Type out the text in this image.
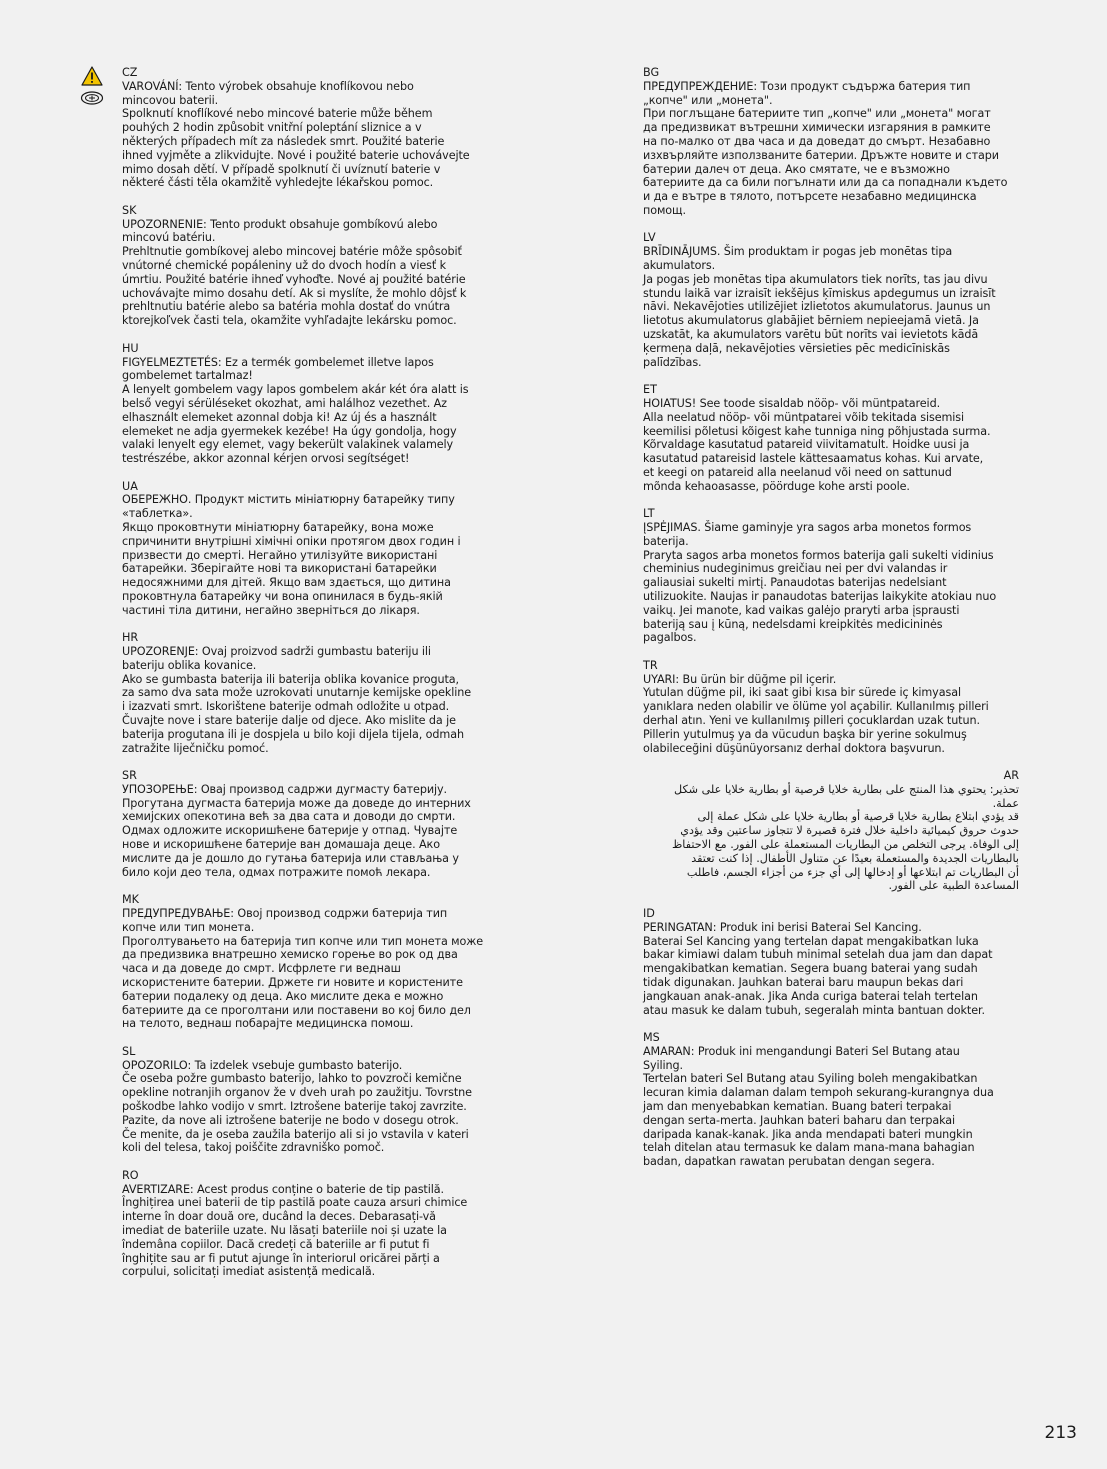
CZ
VAROVÁNÍ: Tento výrobek obsahuje knoflíkovou nebo
mincovou baterii.
Spolknutí knoflíkové nebo mincové baterie může během
pouhých 2 hodin způsobit vnitřní poleptání sliznice a v
některých případech mít za následek smrt. Použité baterie
ihned vyjměte a zlikvidujte. Nové i použité baterie uchovávejte
mimo dosah dětí. V případě spolknutí či uvíznutí baterie v
některé části těla okamžitě vyhledejte lékařskou pomoc.
SK
UPOZORNENIE: Tento produkt obsahuje gombíkovú alebo
mincovú batériu.
Prehltnutie gombíkovej alebo mincovej batérie môže spôsobiť
vnútorné chemické popáleniny už do dvoch hodín a viesť k
úmrtiu. Použité batérie ihneď vyhoďte. Nové aj použité batérie
uchovávajte mimo dosahu detí. Ak si myslíte, že mohlo dôjsť k
prehltnutiu batérie alebo sa batéria mohla dostať do vnútra
ktorejkoľvek časti tela, okamžite vyhľadajte lekársku pomoc.
HU
FIGYELMEZTETÉS: Ez a termék gombelemet illetve lapos
gombelemet tartalmaz!
A lenyelt gombelem vagy lapos gombelem akár két óra alatt is
belső vegyi sérüléseket okozhat, ami halálhoz vezethet. Az
elhasznált elemeket azonnal dobja ki! Az új és a használt
elemeket ne adja gyermekek kezébe! Ha úgy gondolja, hogy
valaki lenyelt egy elemet, vagy bekerült valakinek valamely
testrészébe, akkor azonnal kérjen orvosi segítséget!
UA
ОБЕРЕЖНО. Продукт містить мініатюрну батарейку типу
«таблетка».
Якщо проковтнути мініатюрну батарейку, вона може
спричинити внутрішні хімічні опіки протягом двох годин і
призвести до смерті. Негайно утилізуйте використані
батарейки. Зберігайте нові та використані батарейки
недосяжними для дітей. Якщо вам здається, що дитина
проковтнула батарейку чи вона опинилася в будь-якій
частині тіла дитини, негайно зверніться до лікаря.
HR
UPOZORENJE: Ovaj proizvod sadrži gumbastu bateriju ili
bateriju oblika kovanice.
Ako se gumbasta baterija ili baterija oblika kovanice proguta,
za samo dva sata može uzrokovati unutarnje kemijske opekline
i izazvati smrt. Iskorištene baterije odmah odložite u otpad.
Čuvajte nove i stare baterije dalje od djece. Ako mislite da je
baterija progutana ili je dospjela u bilo koji dijela tijela, odmah
zatražite liječničku pomoć.
SR
УПОЗОРЕЊЕ: Овај производ садржи дугмасту батерију.
Прогутана дугмаста батерија може да доведе до интерних
хемијских опекотина већ за два сата и доводи до смрти.
Одмах одложите искоришћене батерије у отпад. Чувајте
нове и искоришћене батерије ван домашаја деце. Ако
мислите да је дошло до гутања батерија или стављања у
било који део тела, одмах потражите помоћ лекара.
MK
ПРЕДУПРЕДУВАЊЕ: Овој производ содржи батерија тип
копче или тип монета.
Проголтувањето на батерија тип копче или тип монета може
да предизвика внатрешно хемиско горење во рок од два
часа и да доведе до смрт. Исфрлете ги веднаш
искористените батерии. Држете ги новите и користените
батерии подалеку од деца. Ако мислите дека е можно
батериите да се проголтани или поставени во кој било дел
на телото, веднаш побарајте медицинска помош.
SL
OPOZORILO: Ta izdelek vsebuje gumbasto baterijo.
Če oseba požre gumbasto baterijo, lahko to povzroči kemične
opekline notranjih organov že v dveh urah po zaužitju. Tovrstne
poškodbe lahko vodijo v smrt. Iztrošene baterije takoj zavrzite.
Pazite, da nove ali iztrošene baterije ne bodo v dosegu otrok.
Če menite, da je oseba zaužila baterijo ali si jo vstavila v kateri
koli del telesa, takoj poiščite zdravniško pomoč.
RO
AVERTIZARE: Acest produs conține o baterie de tip pastilă.
Înghițirea unei baterii de tip pastilă poate cauza arsuri chimice
interne în doar două ore, ducând la deces. Debarasați-vă
imediat de bateriile uzate. Nu lăsați bateriile noi și uzate la
îndemâna copiilor. Dacă credeți că bateriile ar fi putut fi
înghițite sau ar fi putut ajunge în interiorul oricărei părți a
corpului, solicitați imediat asistență medicală.
BG
ПРЕДУПРЕЖДЕНИЕ: Този продукт съдържа батерия тип
„копче" или „монета".
При поглъщане батериите тип „копче" или „монета" могат
да предизвикат вътрешни химически изгаряния в рамките
на по-малко от два часа и да доведат до смърт. Незабавно
изхвърляйте използваните батерии. Дръжте новите и стари
батерии далеч от деца. Ако смятате, че е възможно
батериите да са били погълнати или да са попаднали където
и да е вътре в тялото, потърсете незабавно медицинска
помощ.
LV
BRĪDINĀJUMS. Šim produktam ir pogas jeb monētas tipa
akumulators.
Ja pogas jeb monētas tipa akumulators tiek norīts, tas jau divu
stundu laikā var izraisīt iekšējus ķīmiskus apdegumus un izraisīt
nāvi. Nekavējoties utilizējiet izlietotos akumulatorus. Jaunus un
lietotus akumulatorus glabājiet bērniem nepieejamā vietā. Ja
uzskatāt, ka akumulators varētu būt norīts vai ievietots kādā
ķermeņa daļā, nekavējoties vērsieties pēc medicīniskās
palīdzības.
ET
HOIATUS! See toode sisaldab nööp- või müntpatareid.
Alla neelatud nööp- või müntpatarei võib tekitada sisemisi
keemilisi põletusi kõigest kahe tunniga ning põhjustada surma.
Kõrvaldage kasutatud patareid viivitamatult. Hoidke uusi ja
kasutatud patareisid lastele kättesaamatus kohas. Kui arvate,
et keegi on patareid alla neelanud või need on sattunud
mõnda kehaoasasse, pöörduge kohe arsti poole.
LT
ĮSPĖJIMAS. Šiame gaminyje yra sagos arba monetos formos
baterija.
Praryta sagos arba monetos formos baterija gali sukelti vidinius
cheminius nudeginimus greičiau nei per dvi valandas ir
galiausiai sukelti mirtį. Panaudotas baterijas nedelsiant
utilizuokite. Naujas ir panaudotas baterijas laikykite atokiau nuo
vaikų. Jei manote, kad vaikas galėjo praryti arba įsprausti
bateriją sau į kūną, nedelsdami kreipkitės medicininės
pagalbos.
TR
UYARI: Bu ürün bir düğme pil içerir.
Yutulan düğme pil, iki saat gibi kısa bir sürede iç kimyasal
yanıklara neden olabilir ve ölüme yol açabilir. Kullanılmış pilleri
derhal atın. Yeni ve kullanılmış pilleri çocuklardan uzak tutun.
Pillerin yutulmuş ya da vücudun başka bir yerine sokulmuş
olabileceğini düşünüyorsanız derhal doktora başvurun.
AR
تحذير: يحتوي هذا المنتج على بطارية خلايا قرصية أو بطارية خلايا على شكل
عملة.
قد يؤدي ابتلاع بطارية خلايا قرصية أو بطارية خلايا على شكل عملة إلى
حدوث حروق كيميائية داخلية خلال فترة قصيرة لا تتجاوز ساعتين وقد يؤدي
إلى الوفاة. يرجى التخلص من البطاريات المستعملة على الفور. مع الاحتفاظ
بالبطاريات الجديدة والمستعملة بعيدًا عن متناول الأطفال. إذا كنت تعتقد
أن البطاريات تم ابتلاعها أو إدخالها إلى أي جزء من أجزاء الجسم، فاطلب
المساعدة الطبية على الفور.
ID
PERINGATAN: Produk ini berisi Baterai Sel Kancing.
Baterai Sel Kancing yang tertelan dapat mengakibatkan luka
bakar kimiawi dalam tubuh minimal setelah dua jam dan dapat
mengakibatkan kematian. Segera buang baterai yang sudah
tidak digunakan. Jauhkan baterai baru maupun bekas dari
jangkauan anak-anak. Jika Anda curiga baterai telah tertelan
atau masuk ke dalam tubuh, segeralah minta bantuan dokter.
MS
AMARAN: Produk ini mengandungi Bateri Sel Butang atau
Syiling.
Tertelan bateri Sel Butang atau Syiling boleh mengakibatkan
lecuran kimia dalaman dalam tempoh sekurang-kurangnya dua
jam dan menyebabkan kematian. Buang bateri terpakai
dengan serta-merta. Jauhkan bateri baharu dan terpakai
daripada kanak-kanak. Jika anda mendapati bateri mungkin
telah ditelan atau termasuk ke dalam mana-mana bahagian
badan, dapatkan rawatan perubatan dengan segera.
213
